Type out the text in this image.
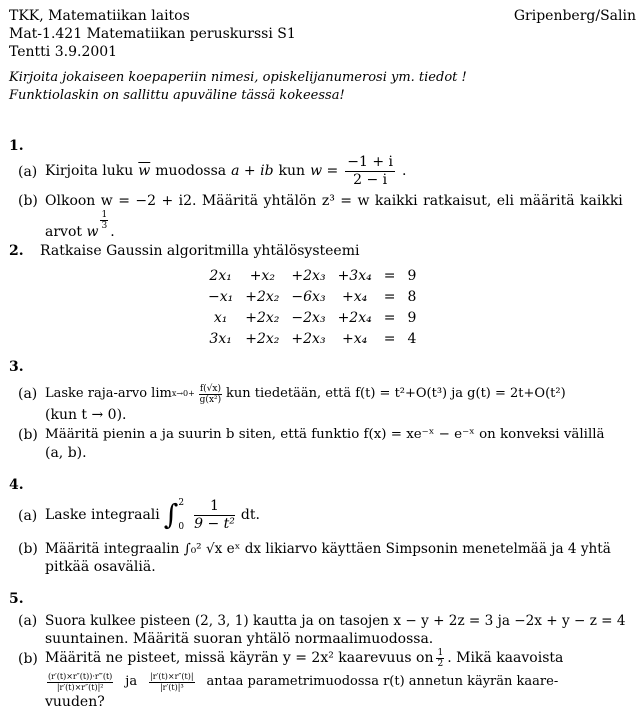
TKK, Matematiikan laitos	Gripenberg/Salin
Mat-1.421 Matematiikan peruskurssi S1
Tentti 3.9.2001
Kirjoita jokaiseen koepaperiin nimesi, opiskelijanumerosi ym. tiedot !
Funktiolaskin on sallittu apuväline tässä kokeessa!
1.
(a) Kirjoita luku $\overline{w}$ muodossa a + ib kun $w = \frac{-1 + i}{2 - i}$ .
(b) Olkoon w = −2 + i2. Määritä yhtälön z³ = w kaikki ratkaisut, eli määritä kaikki
arvot w
$\frac{1}{3}$
.
2. Ratkaise Gaussin algoritmilla yhtälösysteemi
2x₁	+x₂	+2x₃	+3x₄	=	9
−x₁	+2x₂	−6x₃	+x₄	=	8
x₁	+2x₂	−2x₃	+2x₄	=	9
3x₁	+2x₂	+2x₃	+x₄	=	4
3.
(a) Laske raja-arvo $\lim x\to 0+ \frac{f(√x)}{\text{g(x²)}}$ kun tiedetään, että f(t) = t²+O(t³) ja g(t) = 2t+O(t²)
(kun t → 0).
(b) Määritä pienin a ja suurin b siten, että funktio f(x) = xe⁻ˣ − e⁻ˣ on konveksi välillä
(a, b).
4.
(a) Laske integraali ∫ 2
$0 \frac{1}{\text{9 − t²}}$ dt.
(b) Määritä integraalin ∫₀² √x eˣ dx likiarvo käyttäen Simpsonin menetelmää ja 4 yhtä
pitkää osaväliä.
5.
(a) Suora kulkee pisteen (2, 3, 1) kautta ja on tasojen x − y + 2z = 3 ja −2x + y − z = 4
suuntainen. Määritä suoran yhtälö normaalimuodossa.
(b) Määritä ne pisteet, missä käyrän y = 2x² kaarevuus on $\frac{1}{2}$ . Mikä kaavoista
$\frac{(r'(t)\times r''(t))\cdot r‴(t)}{\text{|r′(t)×r″(t)|²}}$ ja $\frac{|r'(t)\times r''(t)|}{\text{|r′(t)|³}}$ antaa parametrimuodossa r(t) annetun käyrän kaare-
vuuden?
